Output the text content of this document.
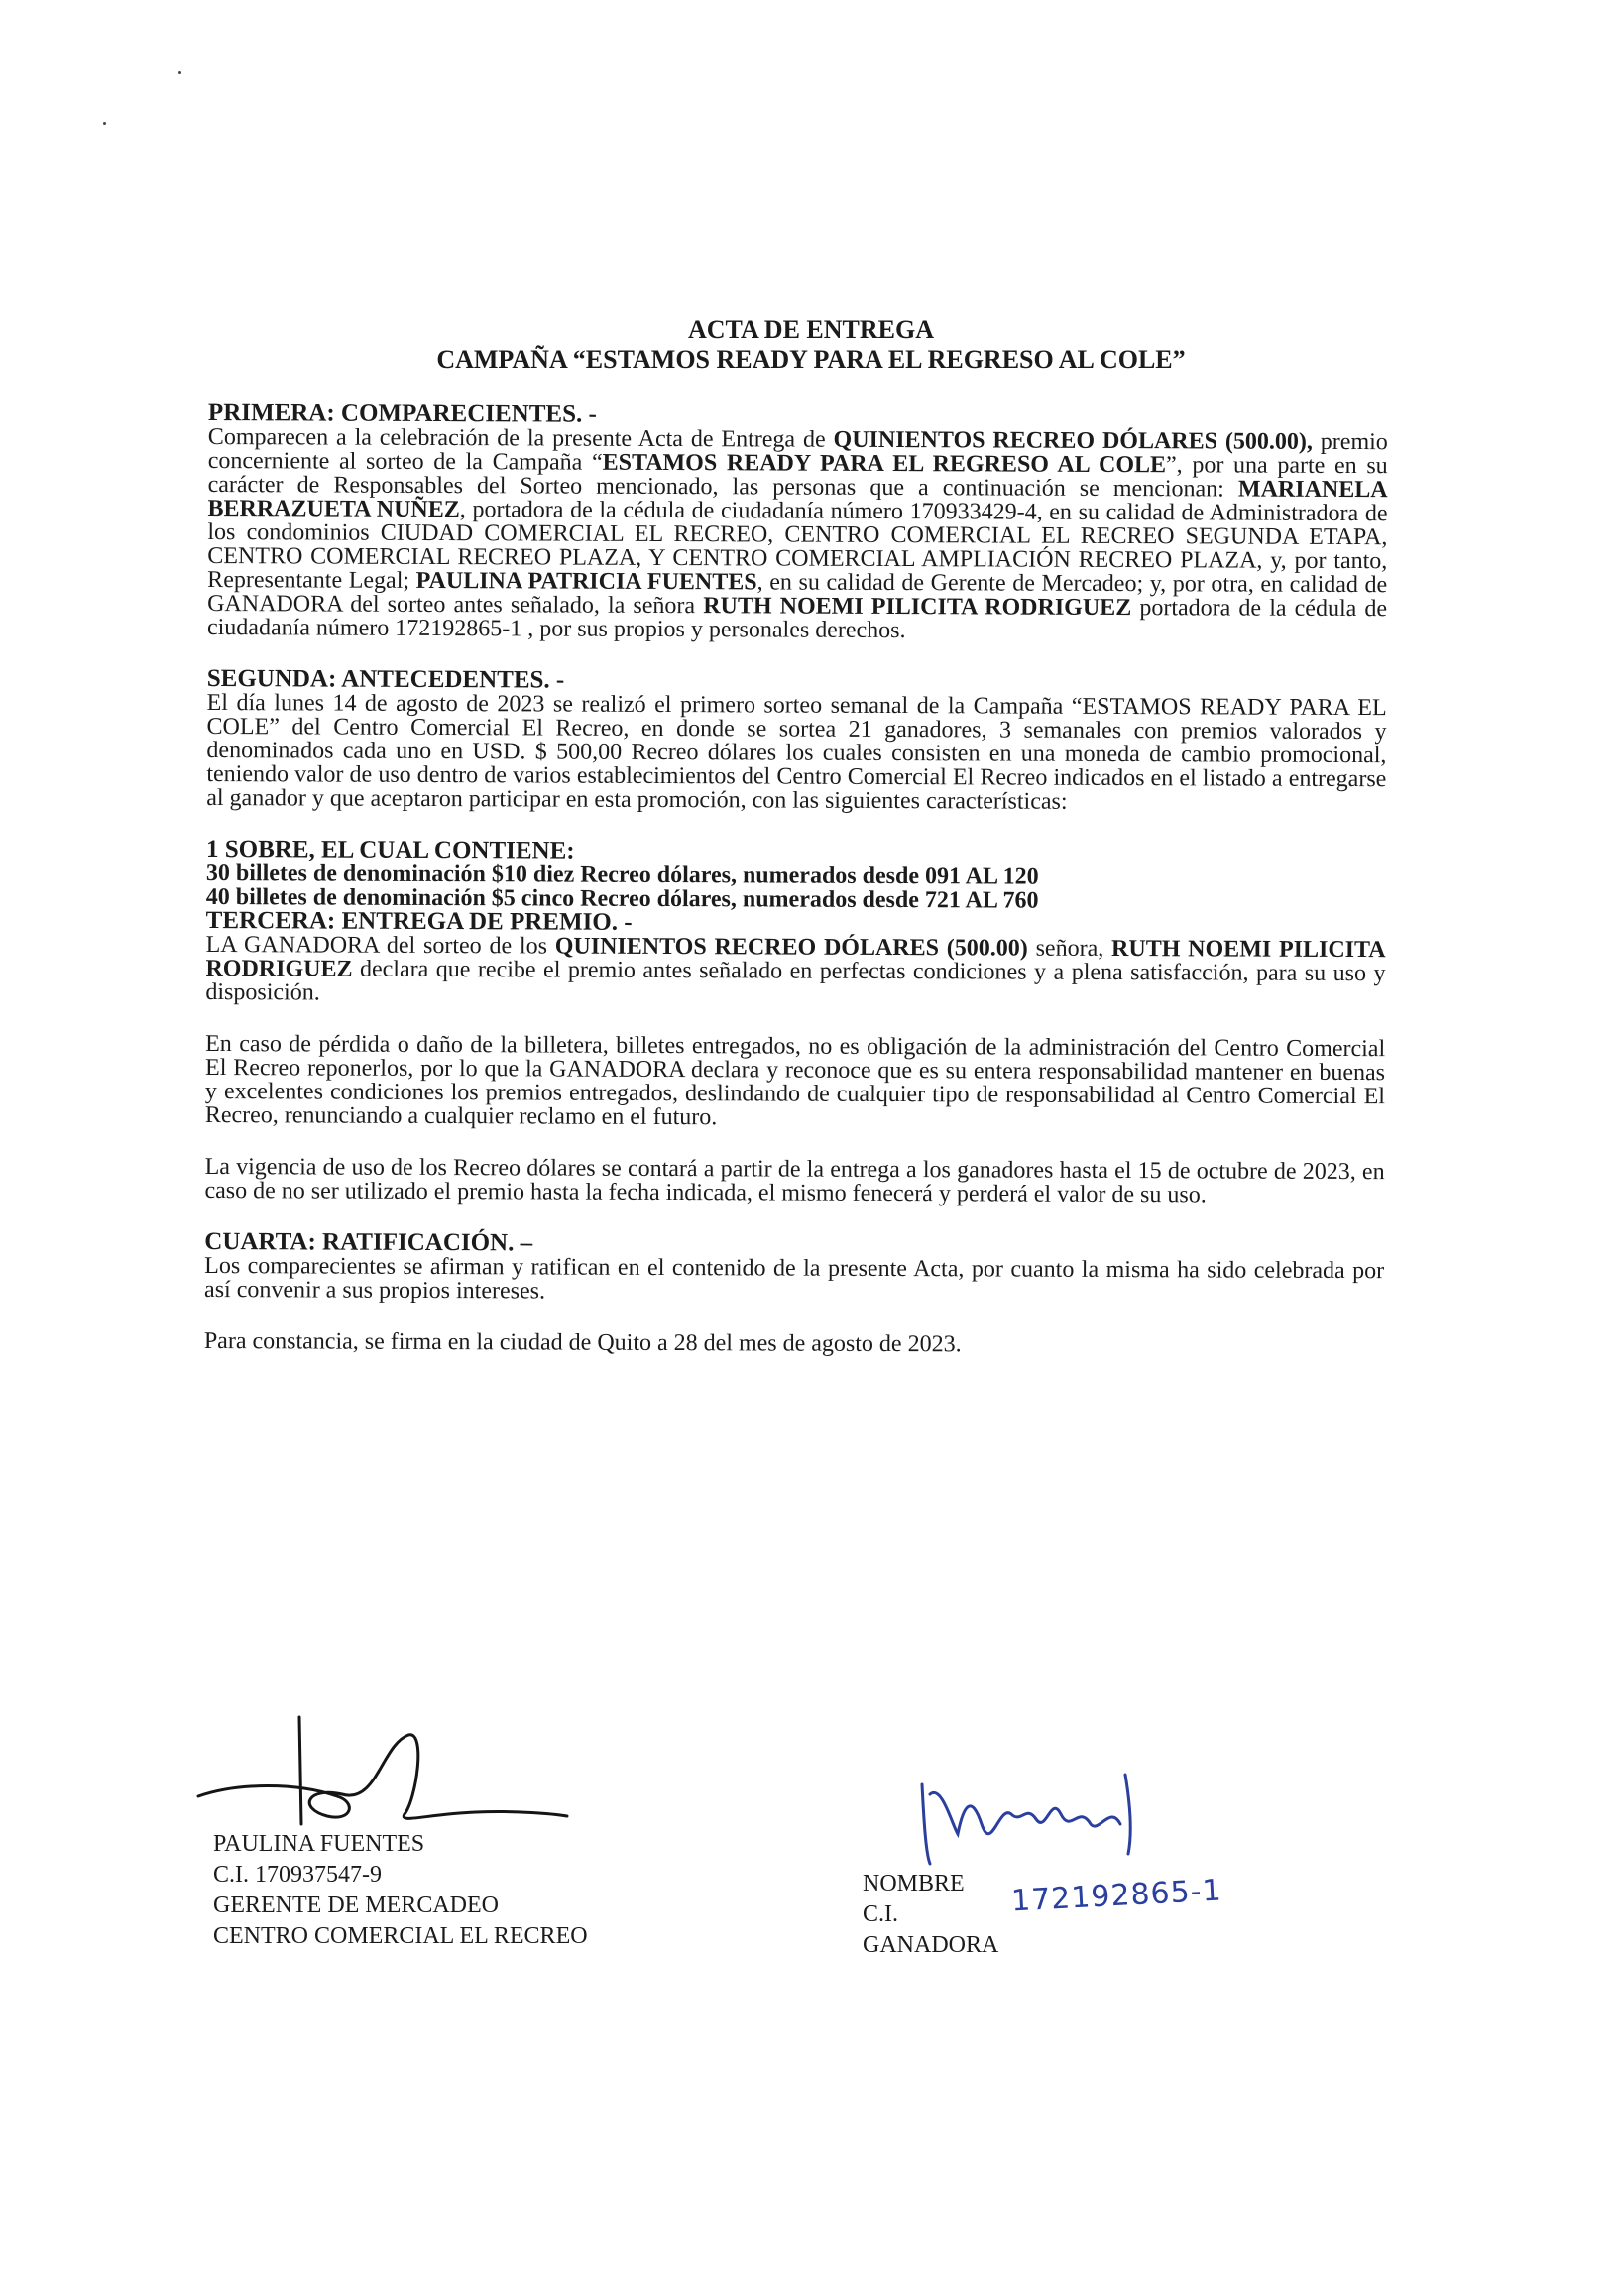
ACTA DE ENTREGA
CAMPAÑA “ESTAMOS READY PARA EL REGRESO AL COLE”
PRIMERA: COMPARECIENTES. -

Comparecen a la celebración de la presente Acta de Entrega de QUINIENTOS RECREO DÓLARES (500.00), premio concerniente al sorteo de la Campaña “ESTAMOS READY PARA EL REGRESO AL COLE”, por una parte en su carácter de Responsables del Sorteo mencionado, las personas que a continuación se mencionan: MARIANELA BERRAZUETA NUÑEZ, portadora de la cédula de ciudadanía número 170933429-4, en su calidad de Administradora de los condominios CIUDAD COMERCIAL EL RECREO, CENTRO COMERCIAL EL RECREO SEGUNDA ETAPA, CENTRO COMERCIAL RECREO PLAZA, Y CENTRO COMERCIAL AMPLIACIÓN RECREO PLAZA, y, por tanto, Representante Legal; PAULINA PATRICIA FUENTES, en su calidad de Gerente de Mercadeo; y, por otra, en calidad de GANADORA del sorteo antes señalado, la señora RUTH NOEMI PILICITA RODRIGUEZ portadora de la cédula de ciudadanía número 172192865-1 , por sus propios y personales derechos.

SEGUNDA: ANTECEDENTES. -

El día lunes 14 de agosto de 2023 se realizó el primero sorteo semanal de la Campaña “ESTAMOS READY PARA EL COLE” del Centro Comercial El Recreo, en donde se sortea 21 ganadores, 3 semanales con premios valorados y denominados cada uno en USD. $ 500,00 Recreo dólares los cuales consisten en una moneda de cambio promocional, teniendo valor de uso dentro de varios establecimientos del Centro Comercial El Recreo indicados en el listado a entregarse al ganador y que aceptaron participar en esta promoción, con las siguientes características:

1 SOBRE, EL CUAL CONTIENE:

30 billetes de denominación $10 diez Recreo dólares, numerados desde 091 AL 120

40 billetes de denominación $5 cinco Recreo dólares, numerados desde 721 AL 760

TERCERA: ENTREGA DE PREMIO. -

LA GANADORA del sorteo de los QUINIENTOS RECREO DÓLARES (500.00) señora, RUTH NOEMI PILICITA RODRIGUEZ declara que recibe el premio antes señalado en perfectas condiciones y a plena satisfacción, para su uso y disposición.

En caso de pérdida o daño de la billetera, billetes entregados, no es obligación de la administración del Centro Comercial El Recreo reponerlos, por lo que la GANADORA declara y reconoce que es su entera responsabilidad mantener en buenas y excelentes condiciones los premios entregados, deslindando de cualquier tipo de responsabilidad al Centro Comercial El Recreo, renunciando a cualquier reclamo en el futuro.

La vigencia de uso de los Recreo dólares se contará a partir de la entrega a los ganadores hasta el 15 de octubre de 2023, en caso de no ser utilizado el premio hasta la fecha indicada, el mismo fenecerá y perderá el valor de su uso.

CUARTA: RATIFICACIÓN. –

Los comparecientes se afirman y ratifican en el contenido de la presente Acta, por cuanto la misma ha sido celebrada por así convenir a sus propios intereses.

Para constancia, se firma en la ciudad de Quito a 28 del mes de agosto de 2023.

PAULINA FUENTES
C.I. 170937547-9
GERENTE DE MERCADEO
CENTRO COMERCIAL EL RECREO
NOMBRE
C.I.
GANADORA
172192865-1
